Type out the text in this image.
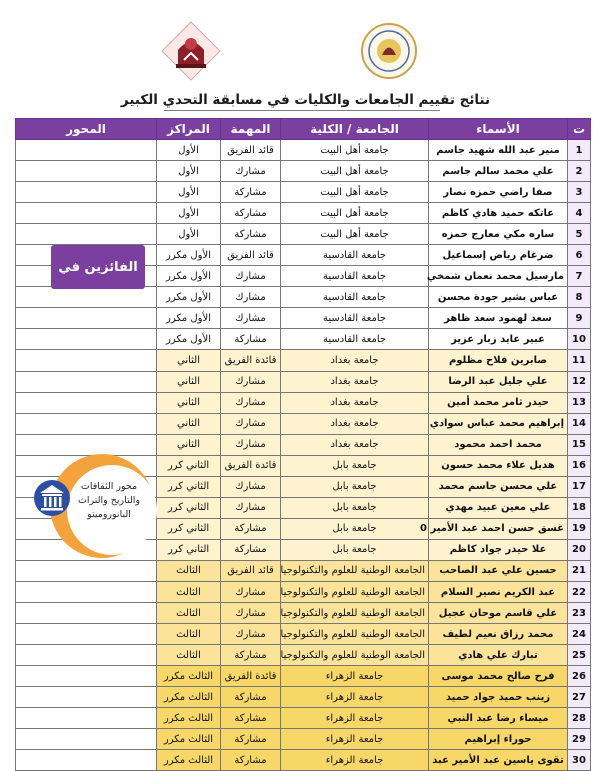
نتائج تقييم الجامعات والكليات في مسابقة التحدي الكبير
ت	الأسماء	الجامعة / الكلية	المهمة	المراكز	المحور
1	منير عبد الله شهيد جاسم	جامعة أهل البيت	قائد الفريق	الأول	
2	علي محمد سالم جاسم	جامعة أهل البيت	مشارك	الأول	
3	صفا راضي حمزه نصار	جامعة أهل البيت	مشاركة	الأول	
4	عاتكه حميد هادي كاظم	جامعة أهل البيت	مشاركة	الأول	
5	ساره مكي معارج حمزه	جامعة أهل البيت	مشاركة	الأول	
6	ضرغام رياض إسماعيل	جامعة القادسية	قائد الفريق	الأول مكرر	
7	مارسيل محمد نعمان شمخي	جامعة القادسية	مشارك	الأول مكرر	
8	عباس بشير جودة محسن	جامعة القادسية	مشارك	الأول مكرر	
9	سعد لهمود سعد ظاهر	جامعة القادسية	مشارك	الأول مكرر	
10	عبير عايد زبار عزيز	جامعة القادسية	مشاركة	الأول مكرر	
11	صابرين فلاح مظلوم	جامعة بغداد	قائدة الفريق	الثاني	
12	علي جليل عبد الرضا	جامعة بغداد	مشارك	الثاني	
13	حيدر ثامر محمد أمين	جامعة بغداد	مشارك	الثاني	
14	إبراهيم محمد عباس سوادي	جامعة بغداد	مشارك	الثاني	
15	محمد احمد محمود	جامعة بغداد	مشارك	الثاني	
16	هديل علاء محمد حسون	جامعة بابل	قائدة الفريق	الثاني كرر	
17	علي محسن جاسم محمد	جامعة بابل	مشارك	الثاني كرر	
18	علي معين عبيد مهدي	جامعة بابل	مشارك	الثاني كرر	
19	غسق حسن احمد عبد الأمير 0	جامعة بابل	مشاركة	الثاني كرر	
20	علا حيدر جواد كاظم	جامعة بابل	مشاركة	الثاني كرر	
21	حسين علي عبد الصاحب	الجامعة الوطنية للعلوم والتكنولوجيا	قائد الفريق	الثالث	
22	عبد الكريم نصير السلام	الجامعة الوطنية للعلوم والتكنولوجيا	مشارك	الثالث	
23	علي قاسم موحان عجيل	الجامعة الوطنية للعلوم والتكنولوجيا	مشارك	الثالث	
24	محمد رزاق نعيم لطيف	الجامعة الوطنية للعلوم والتكنولوجيا	مشارك	الثالث	
25	تبارك علي هادي	الجامعة الوطنية للعلوم والتكنولوجيا	مشاركة	الثالث	
26	فرح صالح محمد موسى	جامعة الزهراء	قائدة الفريق	الثالث مكرر	
27	زينب حميد جواد حميد	جامعة الزهراء	مشاركة	الثالث مكرر	
28	ميساء رضا عبد النبي	جامعة الزهراء	مشاركة	الثالث مكرر	
29	حوراء إبراهيم	جامعة الزهراء	مشاركة	الثالث مكرر	
30	تقوى ياسين عبد الأمير عبد	جامعة الزهراء	مشاركة	الثالث مكرر	
الفائزين في
محور الثقافات والتاريخ والتراث البانوروميتو
